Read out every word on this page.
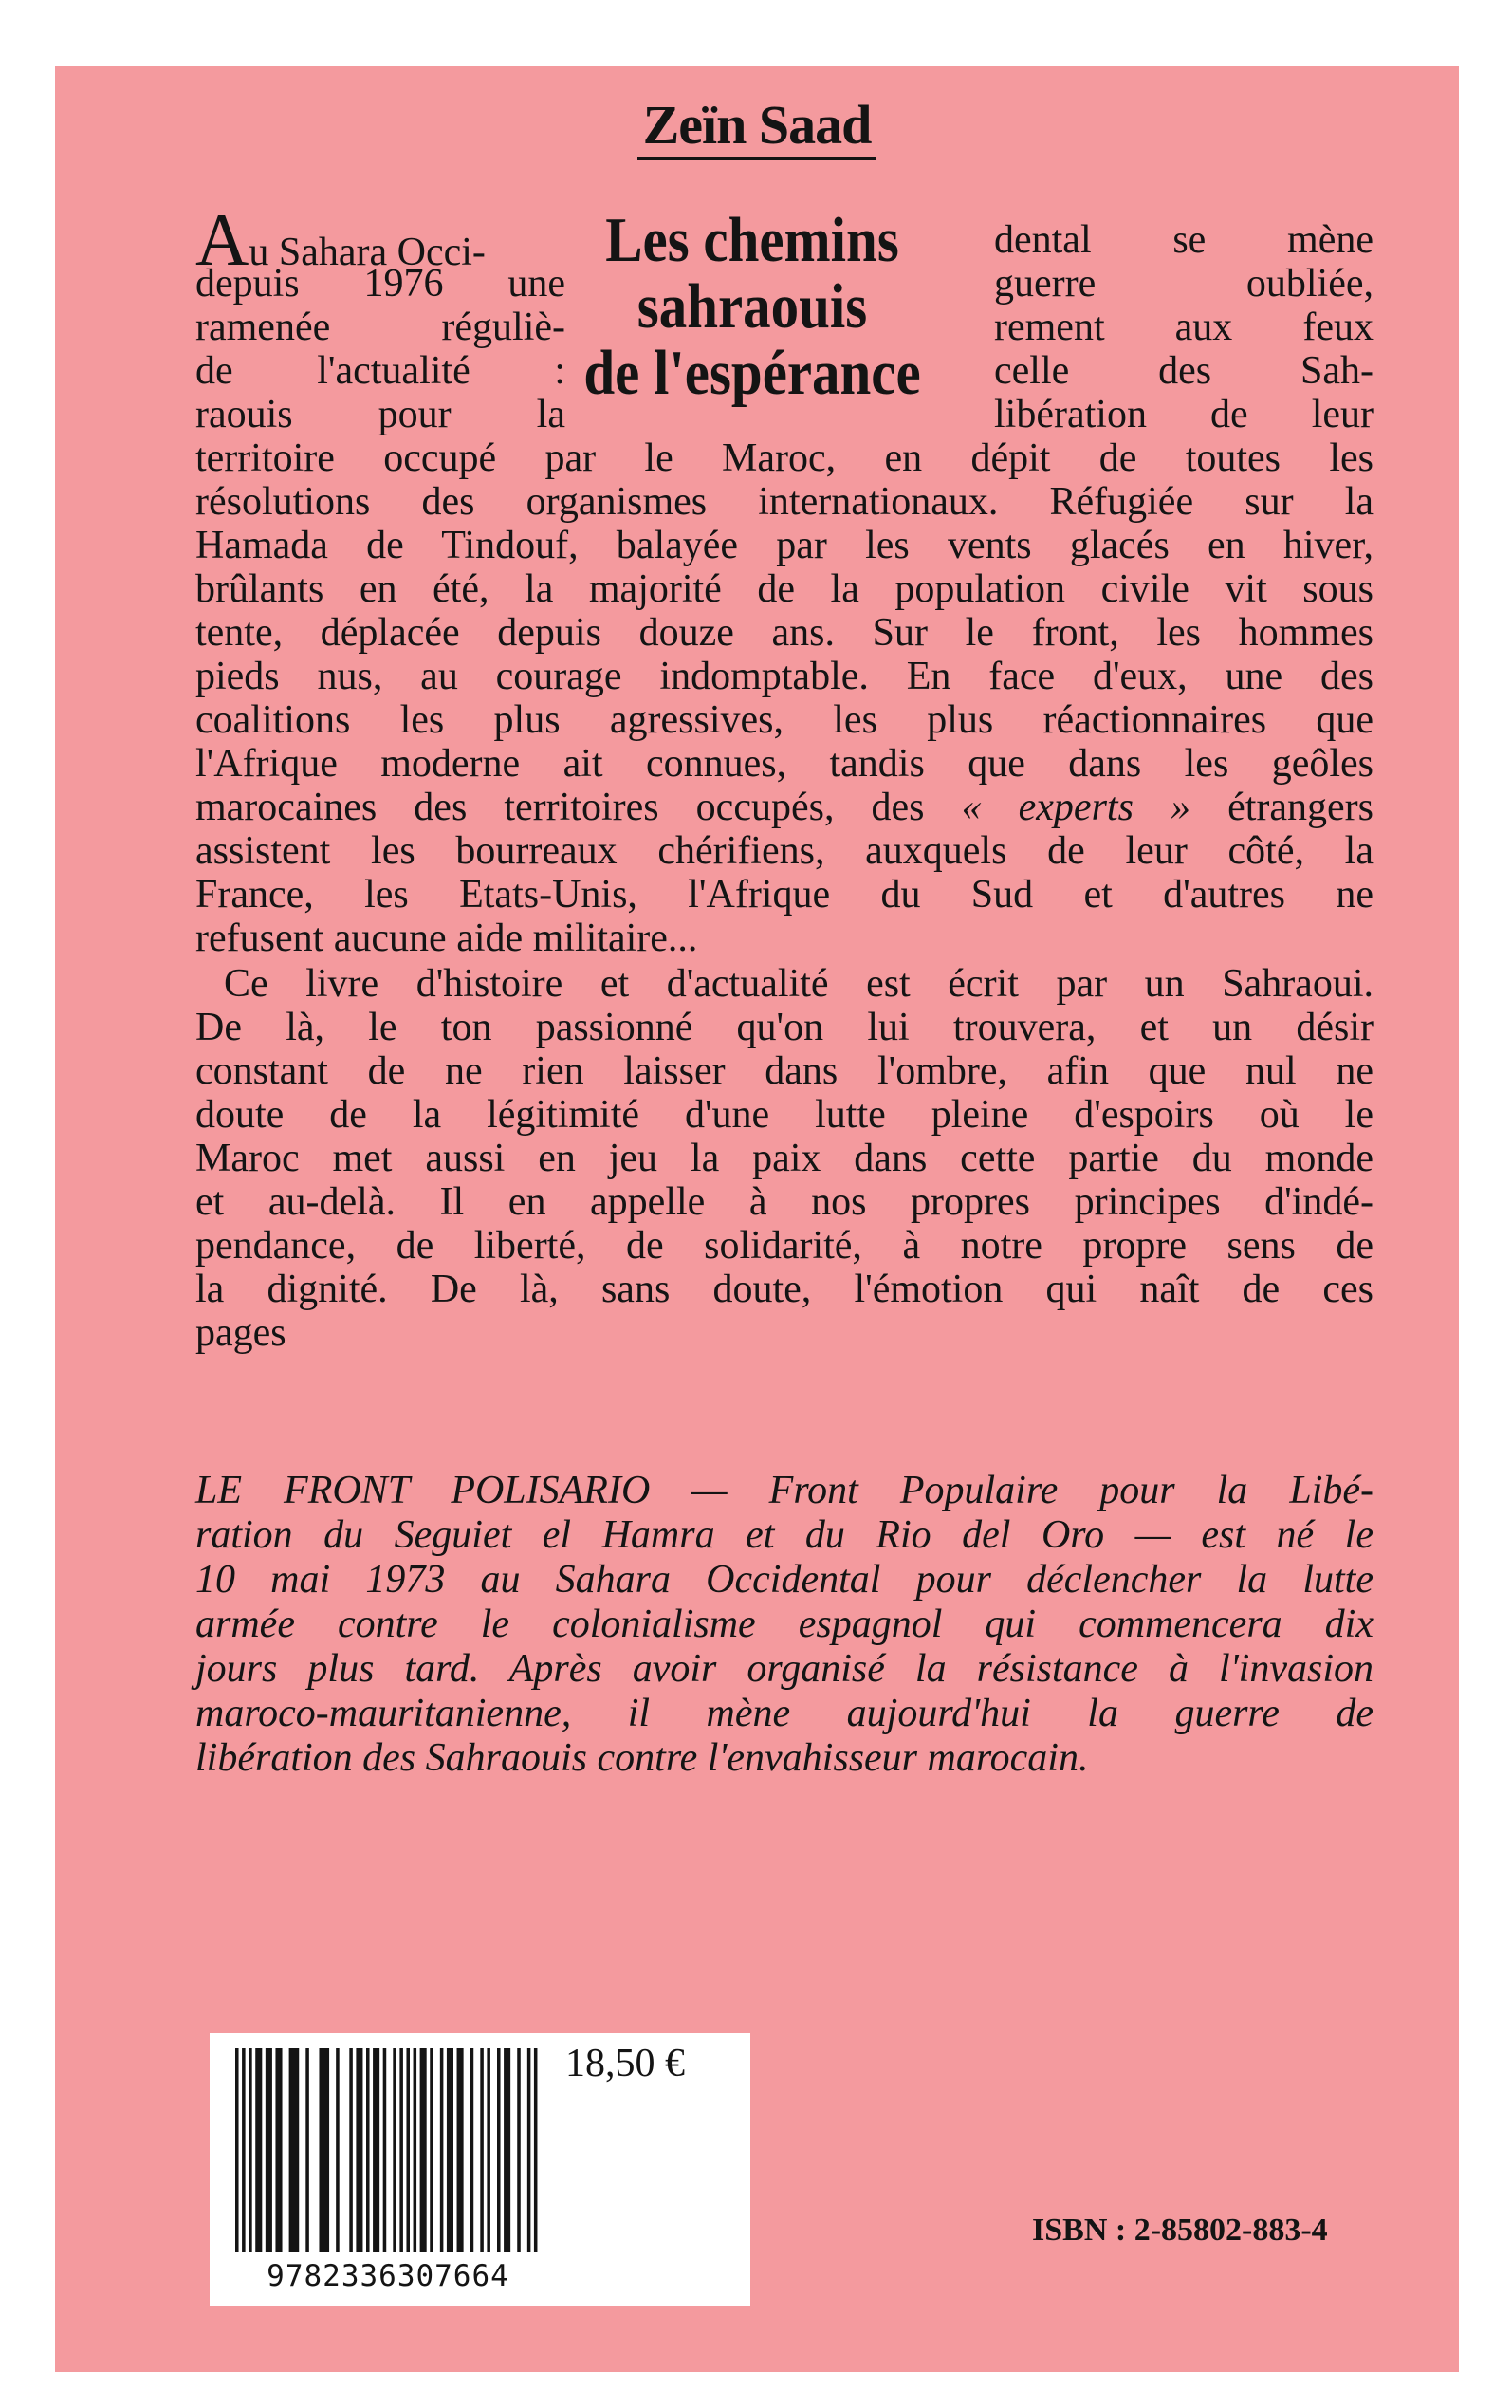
Zeïn Saad
Les chemins
sahraouis
de l'espérance
Au Sahara Occi-
depuis 1976 une
ramenée réguliè-
de l'actualité :
raouis pour la
dental se mène
guerre oubliée,
rement aux feux
celle des Sah-
libération de leur
territoire occupé par le Maroc, en dépit de toutes les
résolutions des organismes internationaux. Réfugiée sur la
Hamada de Tindouf, balayée par les vents glacés en hiver,
brûlants en été, la majorité de la population civile vit sous
tente, déplacée depuis douze ans. Sur le front, les hommes
pieds nus, au courage indomptable. En face d'eux, une des
coalitions les plus agressives, les plus réactionnaires que
l'Afrique moderne ait connues, tandis que dans les geôles
marocaines des territoires occupés, des « experts » étrangers
assistent les bourreaux chérifiens, auxquels de leur côté, la
France, les Etats-Unis, l'Afrique du Sud et d'autres ne
refusent aucune aide militaire...
Ce livre d'histoire et d'actualité est écrit par un Sahraoui.
De là, le ton passionné qu'on lui trouvera, et un désir
constant de ne rien laisser dans l'ombre, afin que nul ne
doute de la légitimité d'une lutte pleine d'espoirs où le
Maroc met aussi en jeu la paix dans cette partie du monde
et au-delà. Il en appelle à nos propres principes d'indé-
pendance, de liberté, de solidarité, à notre propre sens de
la dignité. De là, sans doute, l'émotion qui naît de ces
pages
LE FRONT POLISARIO — Front Populaire pour la Libé-
ration du Seguiet el Hamra et du Rio del Oro — est né le
10 mai 1973 au Sahara Occidental pour déclencher la lutte
armée contre le colonialisme espagnol qui commencera dix
jours plus tard. Après avoir organisé la résistance à l'invasion
maroco-mauritanienne, il mène aujourd'hui la guerre de
libération des Sahraouis contre l'envahisseur marocain.
9782336307664
18,50 €
ISBN : 2-85802-883-4
